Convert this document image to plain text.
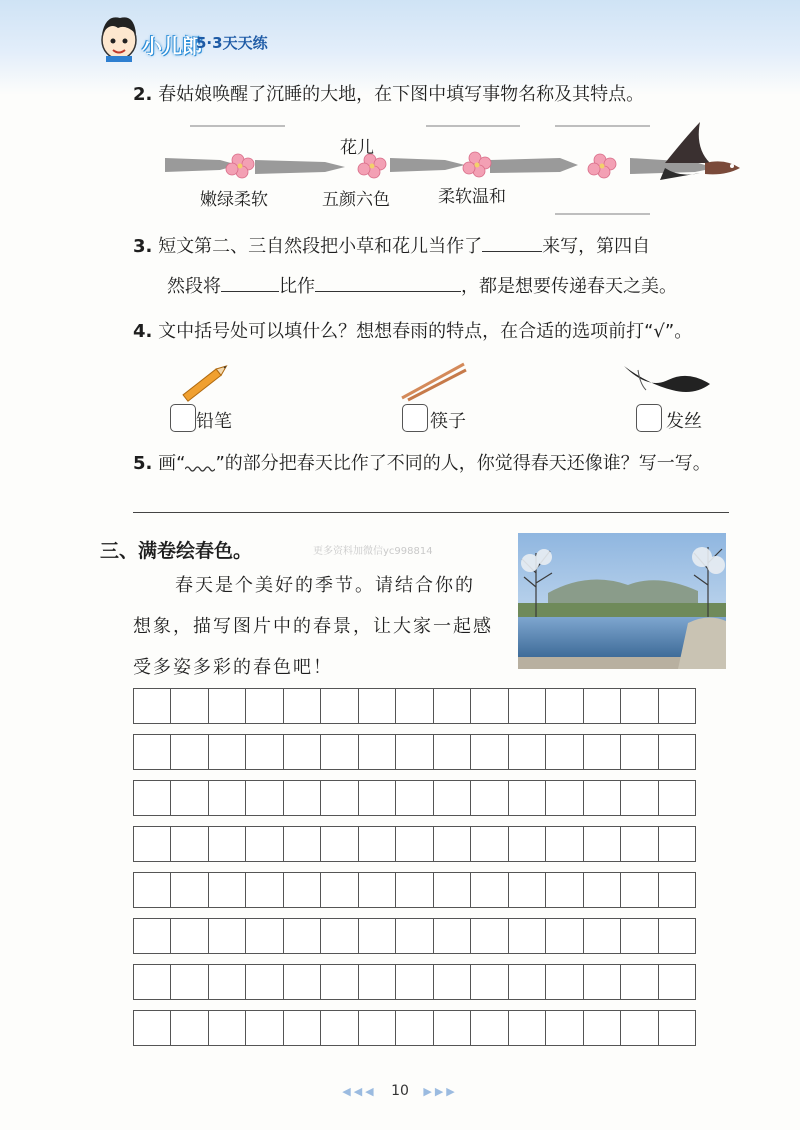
小儿郎
5·3天天练
2. 春姑娘唤醒了沉睡的大地，在下图中填写事物名称及其特点。
花儿
嫩绿柔软	五颜六色	柔软温和
3. 短文第二、三自然段把小草和花儿当作了	来写，第四自
然段将	比作	，都是想要传递春天之美。
4. 文中括号处可以填什么？想想春雨的特点，在合适的选项前打“√”。
铅笔	筷子	发丝
5. 画“ ”的部分把春天比作了不同的人，你觉得春天还像谁？写一写。
三、满卷绘春色。	更多资料加微信yc998814
春天是个美好的季节。请结合你的
想象，描写图片中的春景，让大家一起感
受多姿多彩的春色吧！
◀◀◀ 10 ▶▶▶
